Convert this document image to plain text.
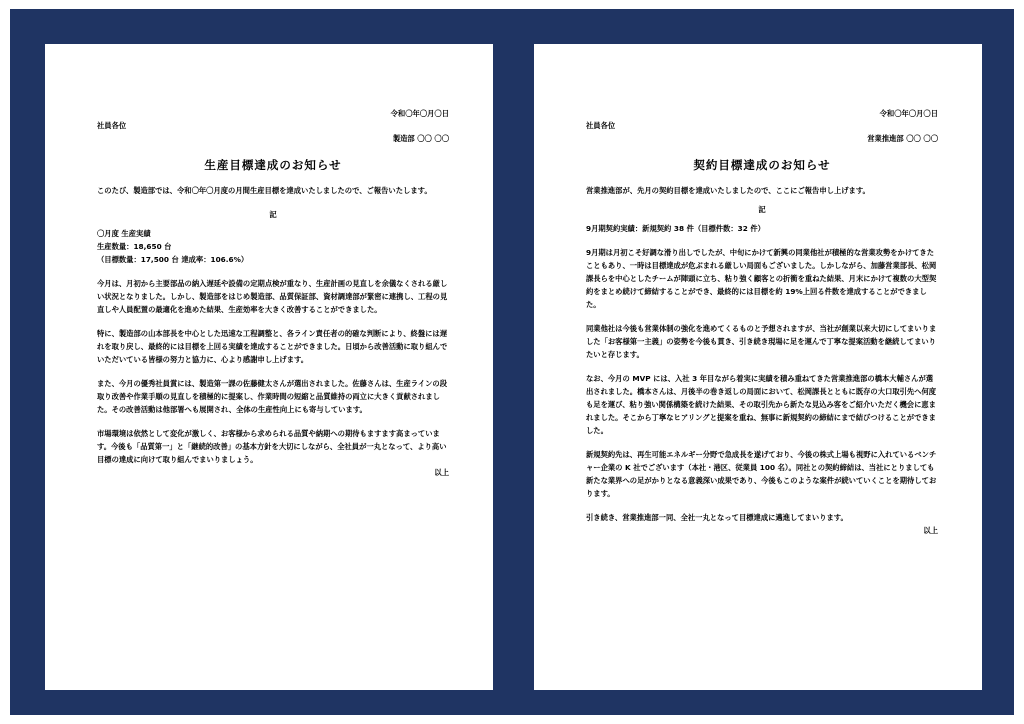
令和〇年〇月〇日
社員各位
製造部 〇〇 〇〇
生産目標達成のお知らせ

このたび、製造部では、令和〇年〇月度の月間生産目標を達成いたしましたので、ご報告いたします。

記
〇月度 生産実績
生産数量：18,650 台
（目標数量：17,500 台 達成率：106.6%）

今月は、月初から主要部品の納入遅延や設備の定期点検が重なり、生産計画の見直しを余儀なくされる厳しい状況となりました。しかし、製造部をはじめ製造部、品質保証部、資材調達部が緊密に連携し、工程の見直しや人員配置の最適化を進めた結果、生産効率を大きく改善することができました。

特に、製造部の山本部長を中心とした迅速な工程調整と、各ライン責任者の的確な判断により、終盤には遅れを取り戻し、最終的には目標を上回る実績を達成することができました。日頃から改善活動に取り組んでいただいている皆様の努力と協力に、心より感謝申し上げます。

また、今月の優秀社員賞には、製造第一課の佐藤健太さんが選出されました。佐藤さんは、生産ラインの段取り改善や作業手順の見直しを積極的に提案し、作業時間の短縮と品質維持の両立に大きく貢献されました。その改善活動は他部署へも展開され、全体の生産性向上にも寄与しています。

市場環境は依然として変化が激しく、お客様から求められる品質や納期への期待もますます高まっています。今後も「品質第一」と「継続的改善」の基本方針を大切にしながら、全社員が一丸となって、より高い目標の達成に向けて取り組んでまいりましょう。

以上
令和〇年〇月〇日
社員各位
営業推進部 〇〇 〇〇
契約目標達成のお知らせ

営業推進部が、先月の契約目標を達成いたしましたので、ここにご報告申し上げます。

記

9月期契約実績：新規契約 38 件（目標件数：32 件）

9月期は月初こそ好調な滑り出しでしたが、中旬にかけて新興の同業他社が積極的な営業攻勢をかけてきたこともあり、一時は目標達成が危ぶまれる厳しい局面もございました。しかしながら、加藤営業部長、松岡課長らを中心としたチームが陣頭に立ち、粘り強く顧客との折衝を重ねた結果、月末にかけて複数の大型契約をまとめ続けて締結することができ、最終的には目標を約 19%上回る件数を達成することができました。

同業他社は今後も営業体制の強化を進めてくるものと予想されますが、当社が創業以来大切にしてまいりました「お客様第一主義」の姿勢を今後も貫き、引き続き現場に足を運んで丁寧な提案活動を継続してまいりたいと存じます。

なお、今月の MVP には、入社 3 年目ながら着実に実績を積み重ねてきた営業推進部の橋本大輔さんが選出されました。橋本さんは、月後半の巻き返しの局面において、松岡課長とともに既存の大口取引先へ何度も足を運び、粘り強い関係構築を続けた結果、その取引先から新たな見込み客をご紹介いただく機会に恵まれました。そこから丁寧なヒアリングと提案を重ね、無事に新規契約の締結にまで結びつけることができました。

新規契約先は、再生可能エネルギー分野で急成長を遂げており、今後の株式上場も視野に入れているベンチャー企業の K 社でございます（本社・港区、従業員 100 名）。同社との契約締結は、当社にとりましても新たな業界への足がかりとなる意義深い成果であり、今後もこのような案件が続いていくことを期待しております。

引き続き、営業推進部一同、全社一丸となって目標達成に邁進してまいります。

以上
